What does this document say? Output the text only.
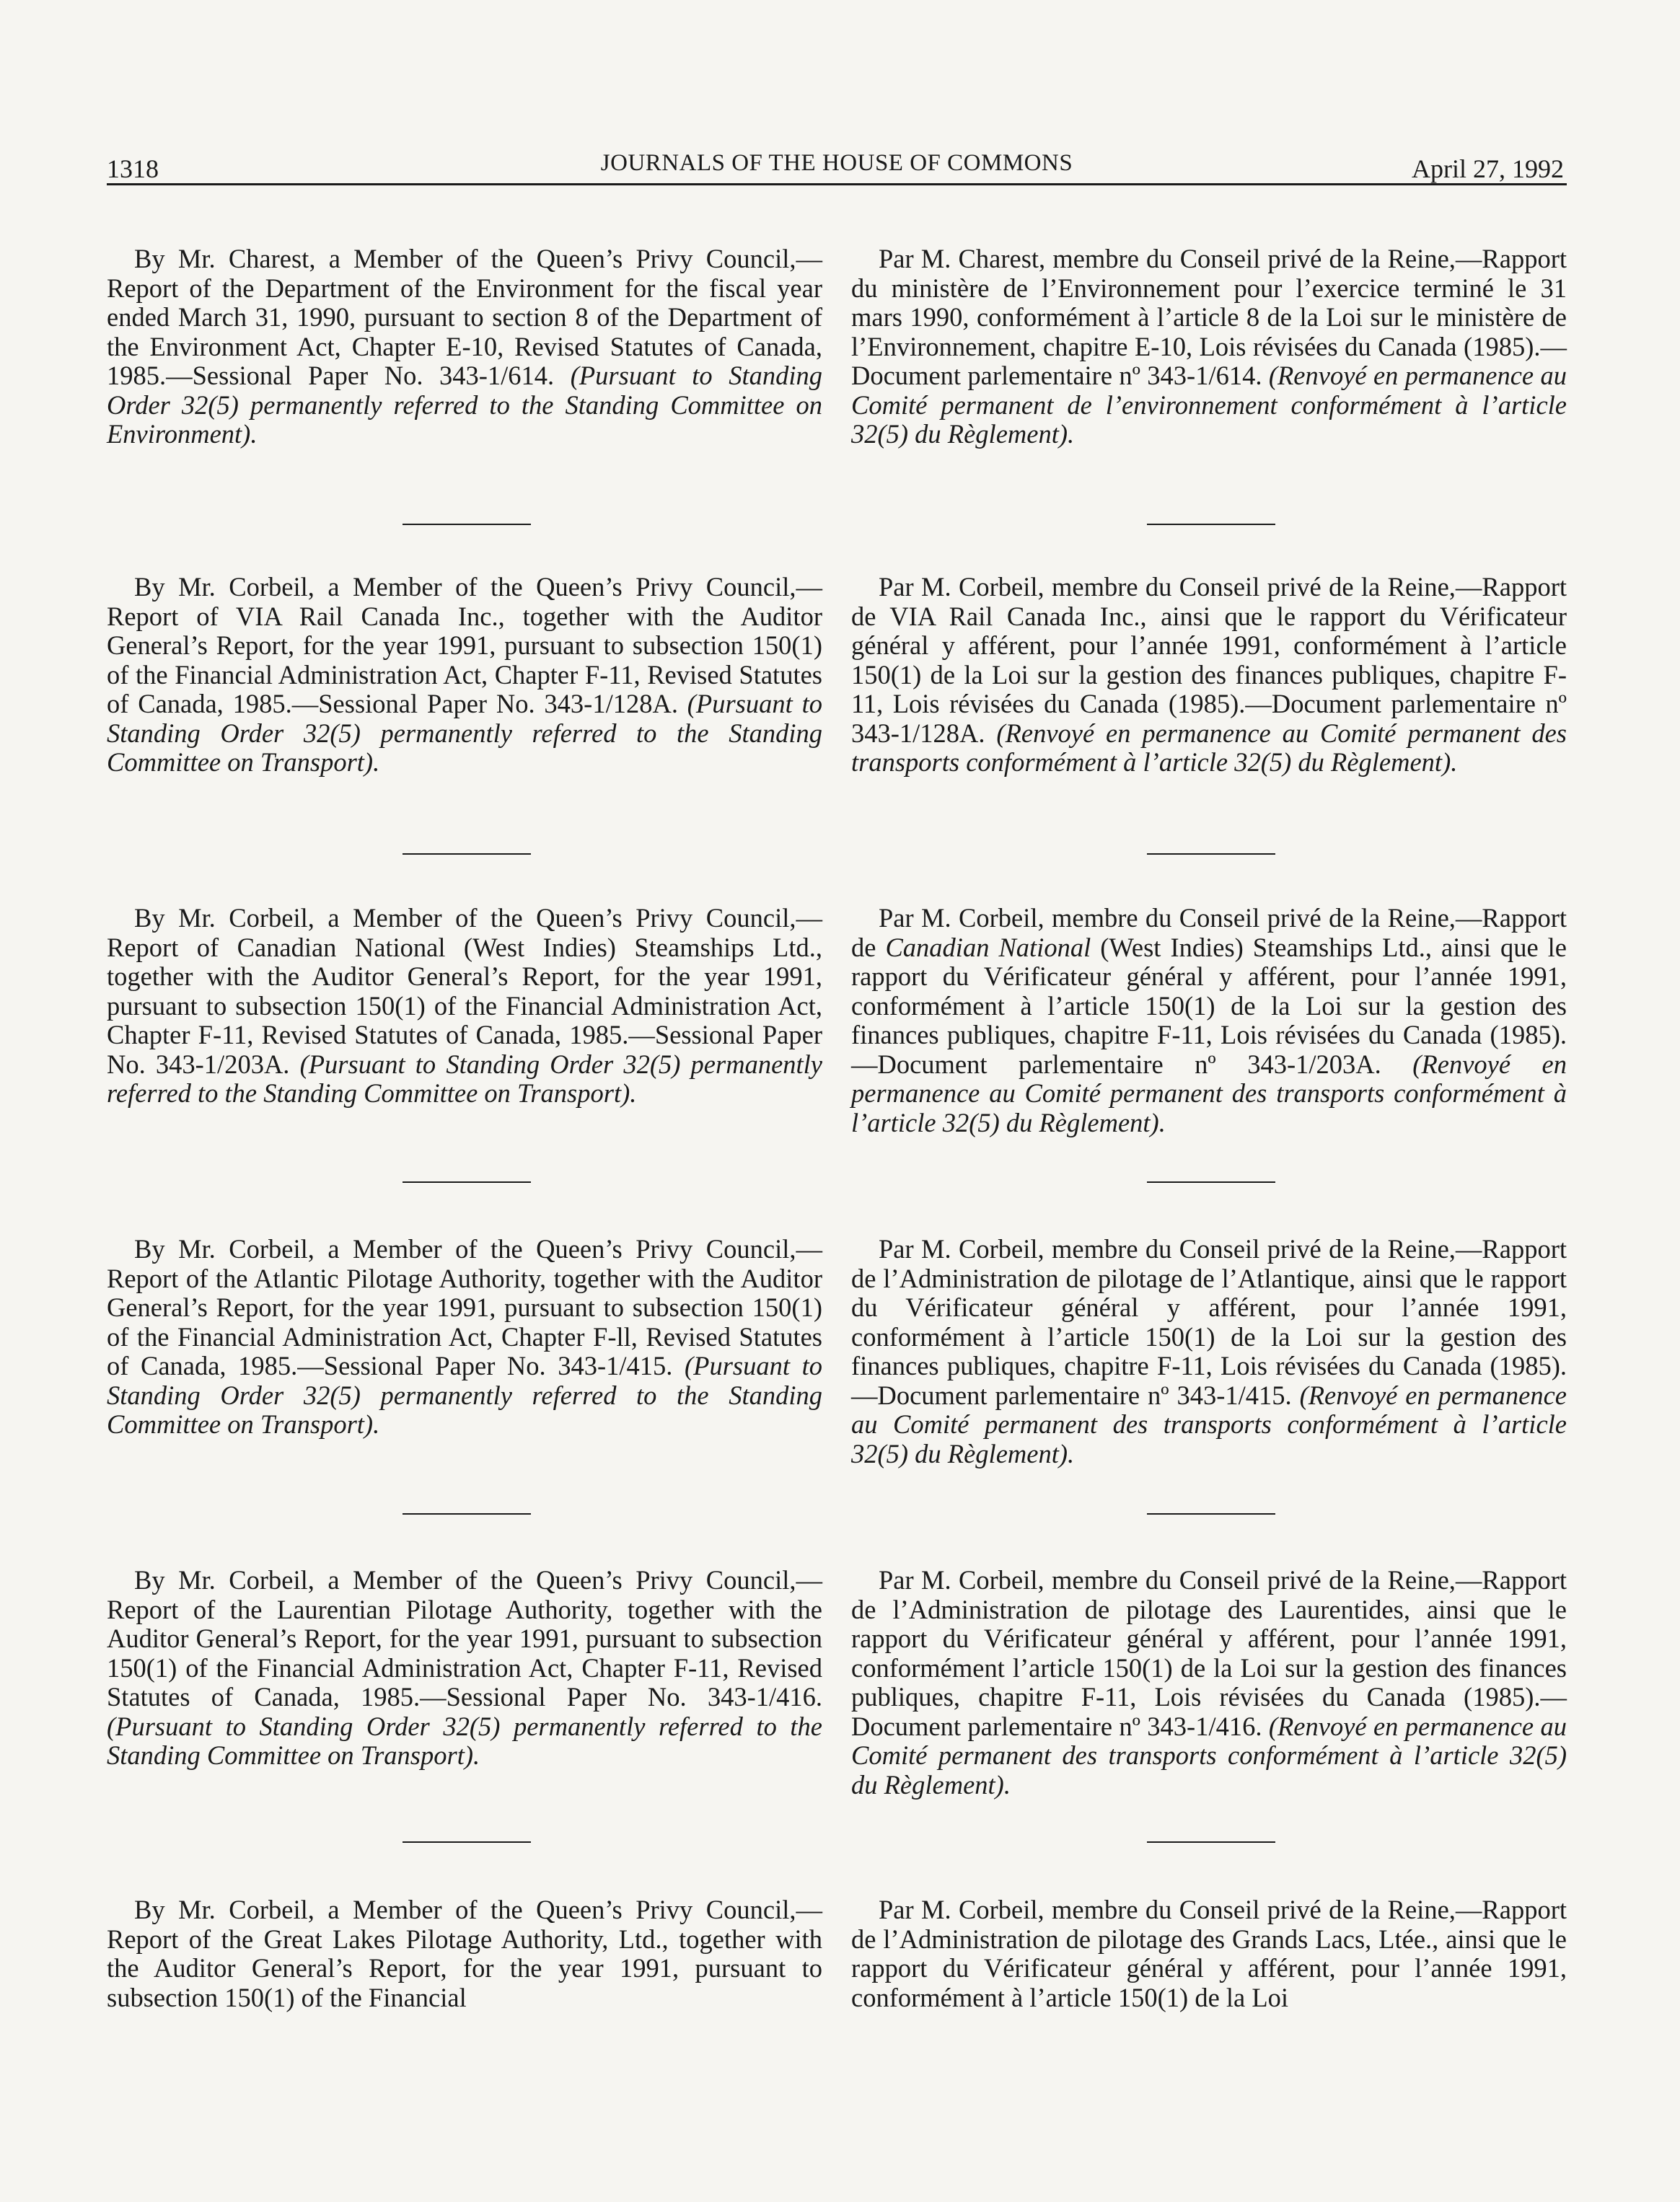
1318	JOURNALS OF THE HOUSE OF COMMONS	April 27, 1992

By Mr. Charest, a Member of the Queen’s Privy Council,—Report of the Department of the Environment for the fiscal year ended March 31, 1990, pursuant to section 8 of the Department of the Environment Act, Chapter E-10, Revised Statutes of Canada, 1985.—Sessional Paper No. 343-1/614. (Pursuant to Standing Order 32(5) permanently referred to the Standing Committee on Environment).

By Mr. Corbeil, a Member of the Queen’s Privy Council,—Report of VIA Rail Canada Inc., together with the Auditor General’s Report, for the year 1991, pursuant to subsection 150(1) of the Financial Administration Act, Chapter F-11, Revised Statutes of Canada, 1985.—Sessional Paper No. 343-1/128A. (Pursuant to Standing Order 32(5) permanently referred to the Standing Committee on Transport).

By Mr. Corbeil, a Member of the Queen’s Privy Council,—Report of Canadian National (West Indies) Steamships Ltd., together with the Auditor General’s Report, for the year 1991, pursuant to subsection 150(1) of the Financial Administration Act, Chapter F-11, Revised Statutes of Canada, 1985.—Sessional Paper No. 343-1/203A. (Pursuant to Standing Order 32(5) permanently referred to the Standing Committee on Transport).

By Mr. Corbeil, a Member of the Queen’s Privy Council,—Report of the Atlantic Pilotage Authority, together with the Auditor General’s Report, for the year 1991, pursuant to subsection 150(1) of the Financial Administration Act, Chapter F-ll, Revised Statutes of Canada, 1985.—Sessional Paper No. 343-1/415. (Pursuant to Standing Order 32(5) permanently referred to the Standing Committee on Transport).

By Mr. Corbeil, a Member of the Queen’s Privy Council,—Report of the Laurentian Pilotage Authority, together with the Auditor General’s Report, for the year 1991, pursuant to subsection 150(1) of the Financial Administration Act, Chapter F-11, Revised Statutes of Canada, 1985.—Sessional Paper No. 343-1/416. (Pursuant to Standing Order 32(5) permanently referred to the Standing Committee on Transport).

By Mr. Corbeil, a Member of the Queen’s Privy Council,—Report of the Great Lakes Pilotage Authority, Ltd., together with the Auditor General’s Report, for the year 1991, pursuant to subsection 150(1) of the Financial

Par M. Charest, membre du Conseil privé de la Reine,—Rapport du ministère de l’Environnement pour l’exercice terminé le 31 mars 1990, conformément à l’article 8 de la Loi sur le ministère de l’Environnement, chapitre E-10, Lois révisées du Canada (1985).—Document parlementaire nº 343-1/614. (Renvoyé en permanence au Comité permanent de l’environnement conformément à l’article 32(5) du Règlement).

Par M. Corbeil, membre du Conseil privé de la Reine,—Rapport de VIA Rail Canada Inc., ainsi que le rapport du Vérificateur général y afférent, pour l’année 1991, conformément à l’article 150(1) de la Loi sur la gestion des finances publiques, chapitre F-11, Lois révisées du Canada (1985).—Document parlementaire nº 343-1/128A. (Renvoyé en permanence au Comité permanent des transports conformément à l’article 32(5) du Règlement).

Par M. Corbeil, membre du Conseil privé de la Reine,—Rapport de Canadian National (West Indies) Steamships Ltd., ainsi que le rapport du Vérificateur général y afférent, pour l’année 1991, conformément à l’article 150(1) de la Loi sur la gestion des finances publiques, chapitre F-11, Lois révisées du Canada (1985).—Document parlementaire nº 343-1/203A. (Renvoyé en permanence au Comité permanent des transports conformément à l’article 32(5) du Règlement).

Par M. Corbeil, membre du Conseil privé de la Reine,—Rapport de l’Administration de pilotage de l’Atlantique, ainsi que le rapport du Vérificateur général y afférent, pour l’année 1991, conformément à l’article 150(1) de la Loi sur la gestion des finances publiques, chapitre F-11, Lois révisées du Canada (1985).—Document parlementaire nº 343-1/415. (Renvoyé en permanence au Comité permanent des transports conformément à l’article 32(5) du Règlement).

Par M. Corbeil, membre du Conseil privé de la Reine,—Rapport de l’Administration de pilotage des Laurentides, ainsi que le rapport du Vérificateur général y afférent, pour l’année 1991, conformément l’article 150(1) de la Loi sur la gestion des finances publiques, chapitre F-11, Lois révisées du Canada (1985).—Document parlementaire nº 343-1/416. (Renvoyé en permanence au Comité permanent des transports conformément à l’article 32(5) du Règlement).

Par M. Corbeil, membre du Conseil privé de la Reine,—Rapport de l’Administration de pilotage des Grands Lacs, Ltée., ainsi que le rapport du Vérificateur général y afférent, pour l’année 1991, conformément à l’article 150(1) de la Loi
